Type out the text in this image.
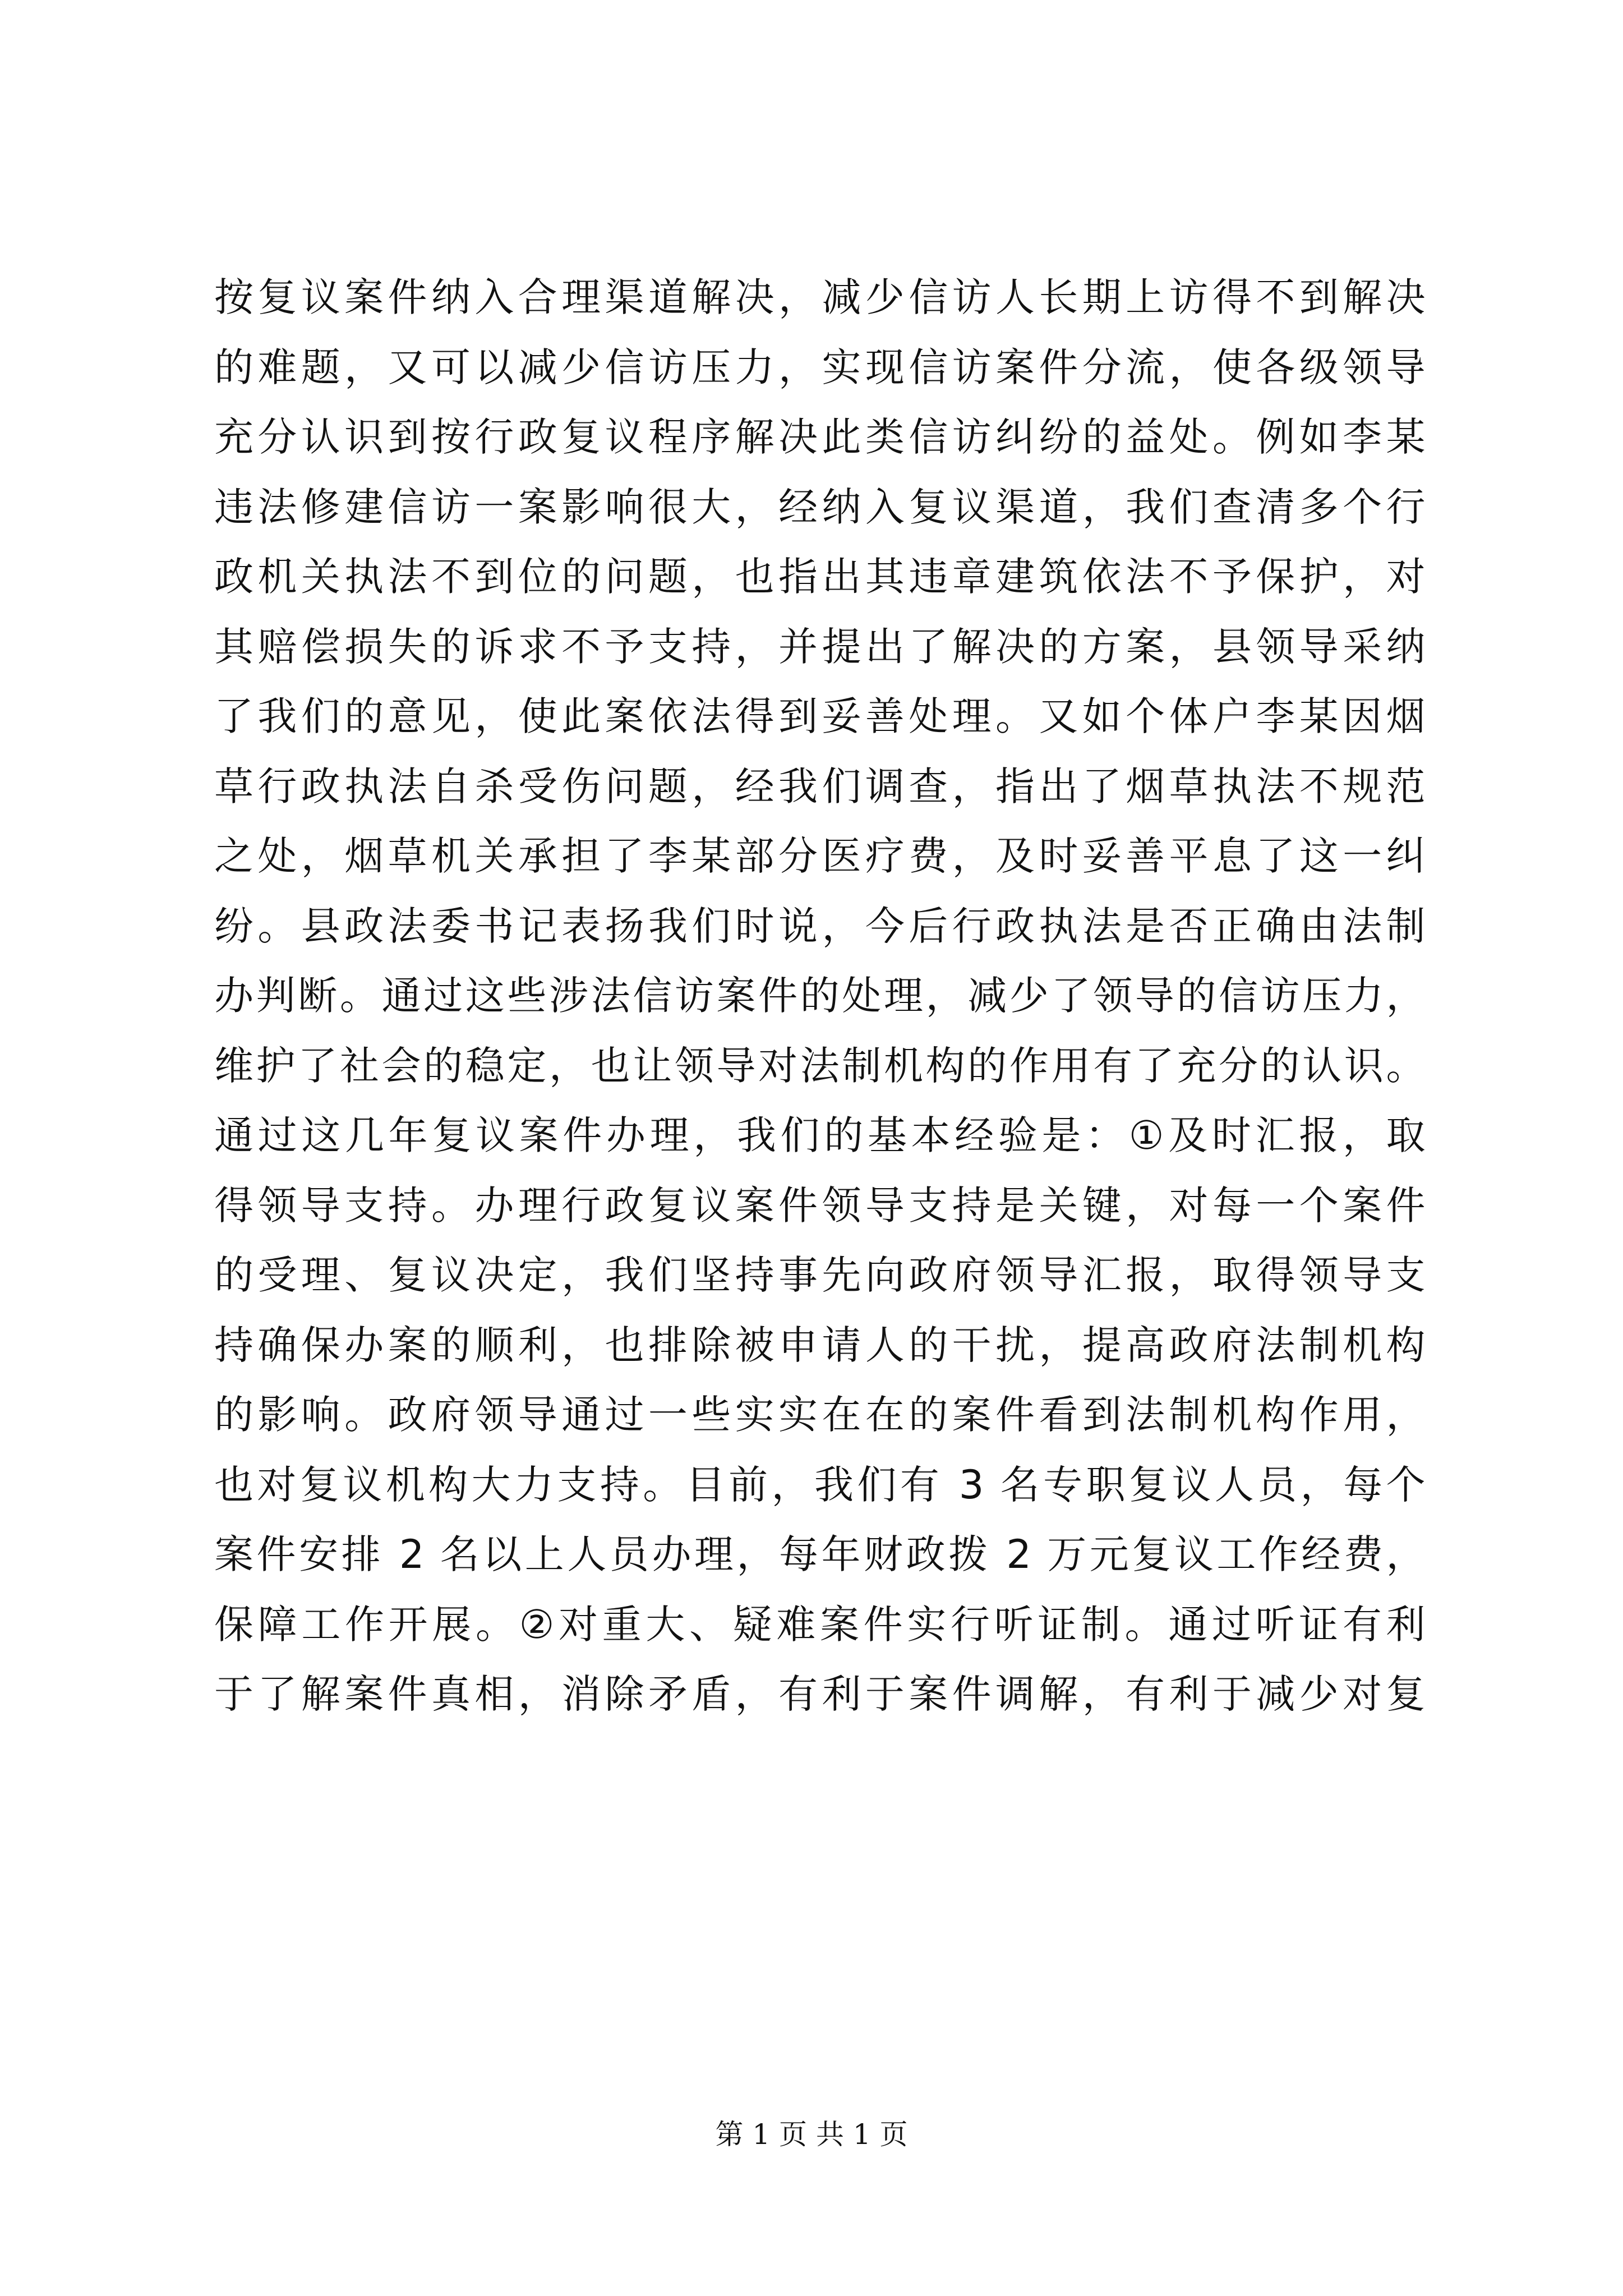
按复议案件纳入合理渠道解决，减少信访人长期上访得不到解决
的难题，又可以减少信访压力，实现信访案件分流，使各级领导
充分认识到按行政复议程序解决此类信访纠纷的益处。例如李某
违法修建信访一案影响很大，经纳入复议渠道，我们查清多个行
政机关执法不到位的问题，也指出其违章建筑依法不予保护，对
其赔偿损失的诉求不予支持，并提出了解决的方案，县领导采纳
了我们的意见，使此案依法得到妥善处理。又如个体户李某因烟
草行政执法自杀受伤问题，经我们调查，指出了烟草执法不规范
之处，烟草机关承担了李某部分医疗费，及时妥善平息了这一纠
纷。县政法委书记表扬我们时说，今后行政执法是否正确由法制
办判断。通过这些涉法信访案件的处理，减少了领导的信访压力，
维护了社会的稳定，也让领导对法制机构的作用有了充分的认识。
通过这几年复议案件办理，我们的基本经验是：①及时汇报，取
得领导支持。办理行政复议案件领导支持是关键，对每一个案件
的受理、复议决定，我们坚持事先向政府领导汇报，取得领导支
持确保办案的顺利，也排除被申请人的干扰，提高政府法制机构
的影响。政府领导通过一些实实在在的案件看到法制机构作用，
也对复议机构大力支持。目前，我们有 3 名专职复议人员，每个
案件安排 2 名以上人员办理，每年财政拨 2 万元复议工作经费，
保障工作开展。②对重大、疑难案件实行听证制。通过听证有利
于了解案件真相，消除矛盾，有利于案件调解，有利于减少对复
第 1 页 共 1 页
